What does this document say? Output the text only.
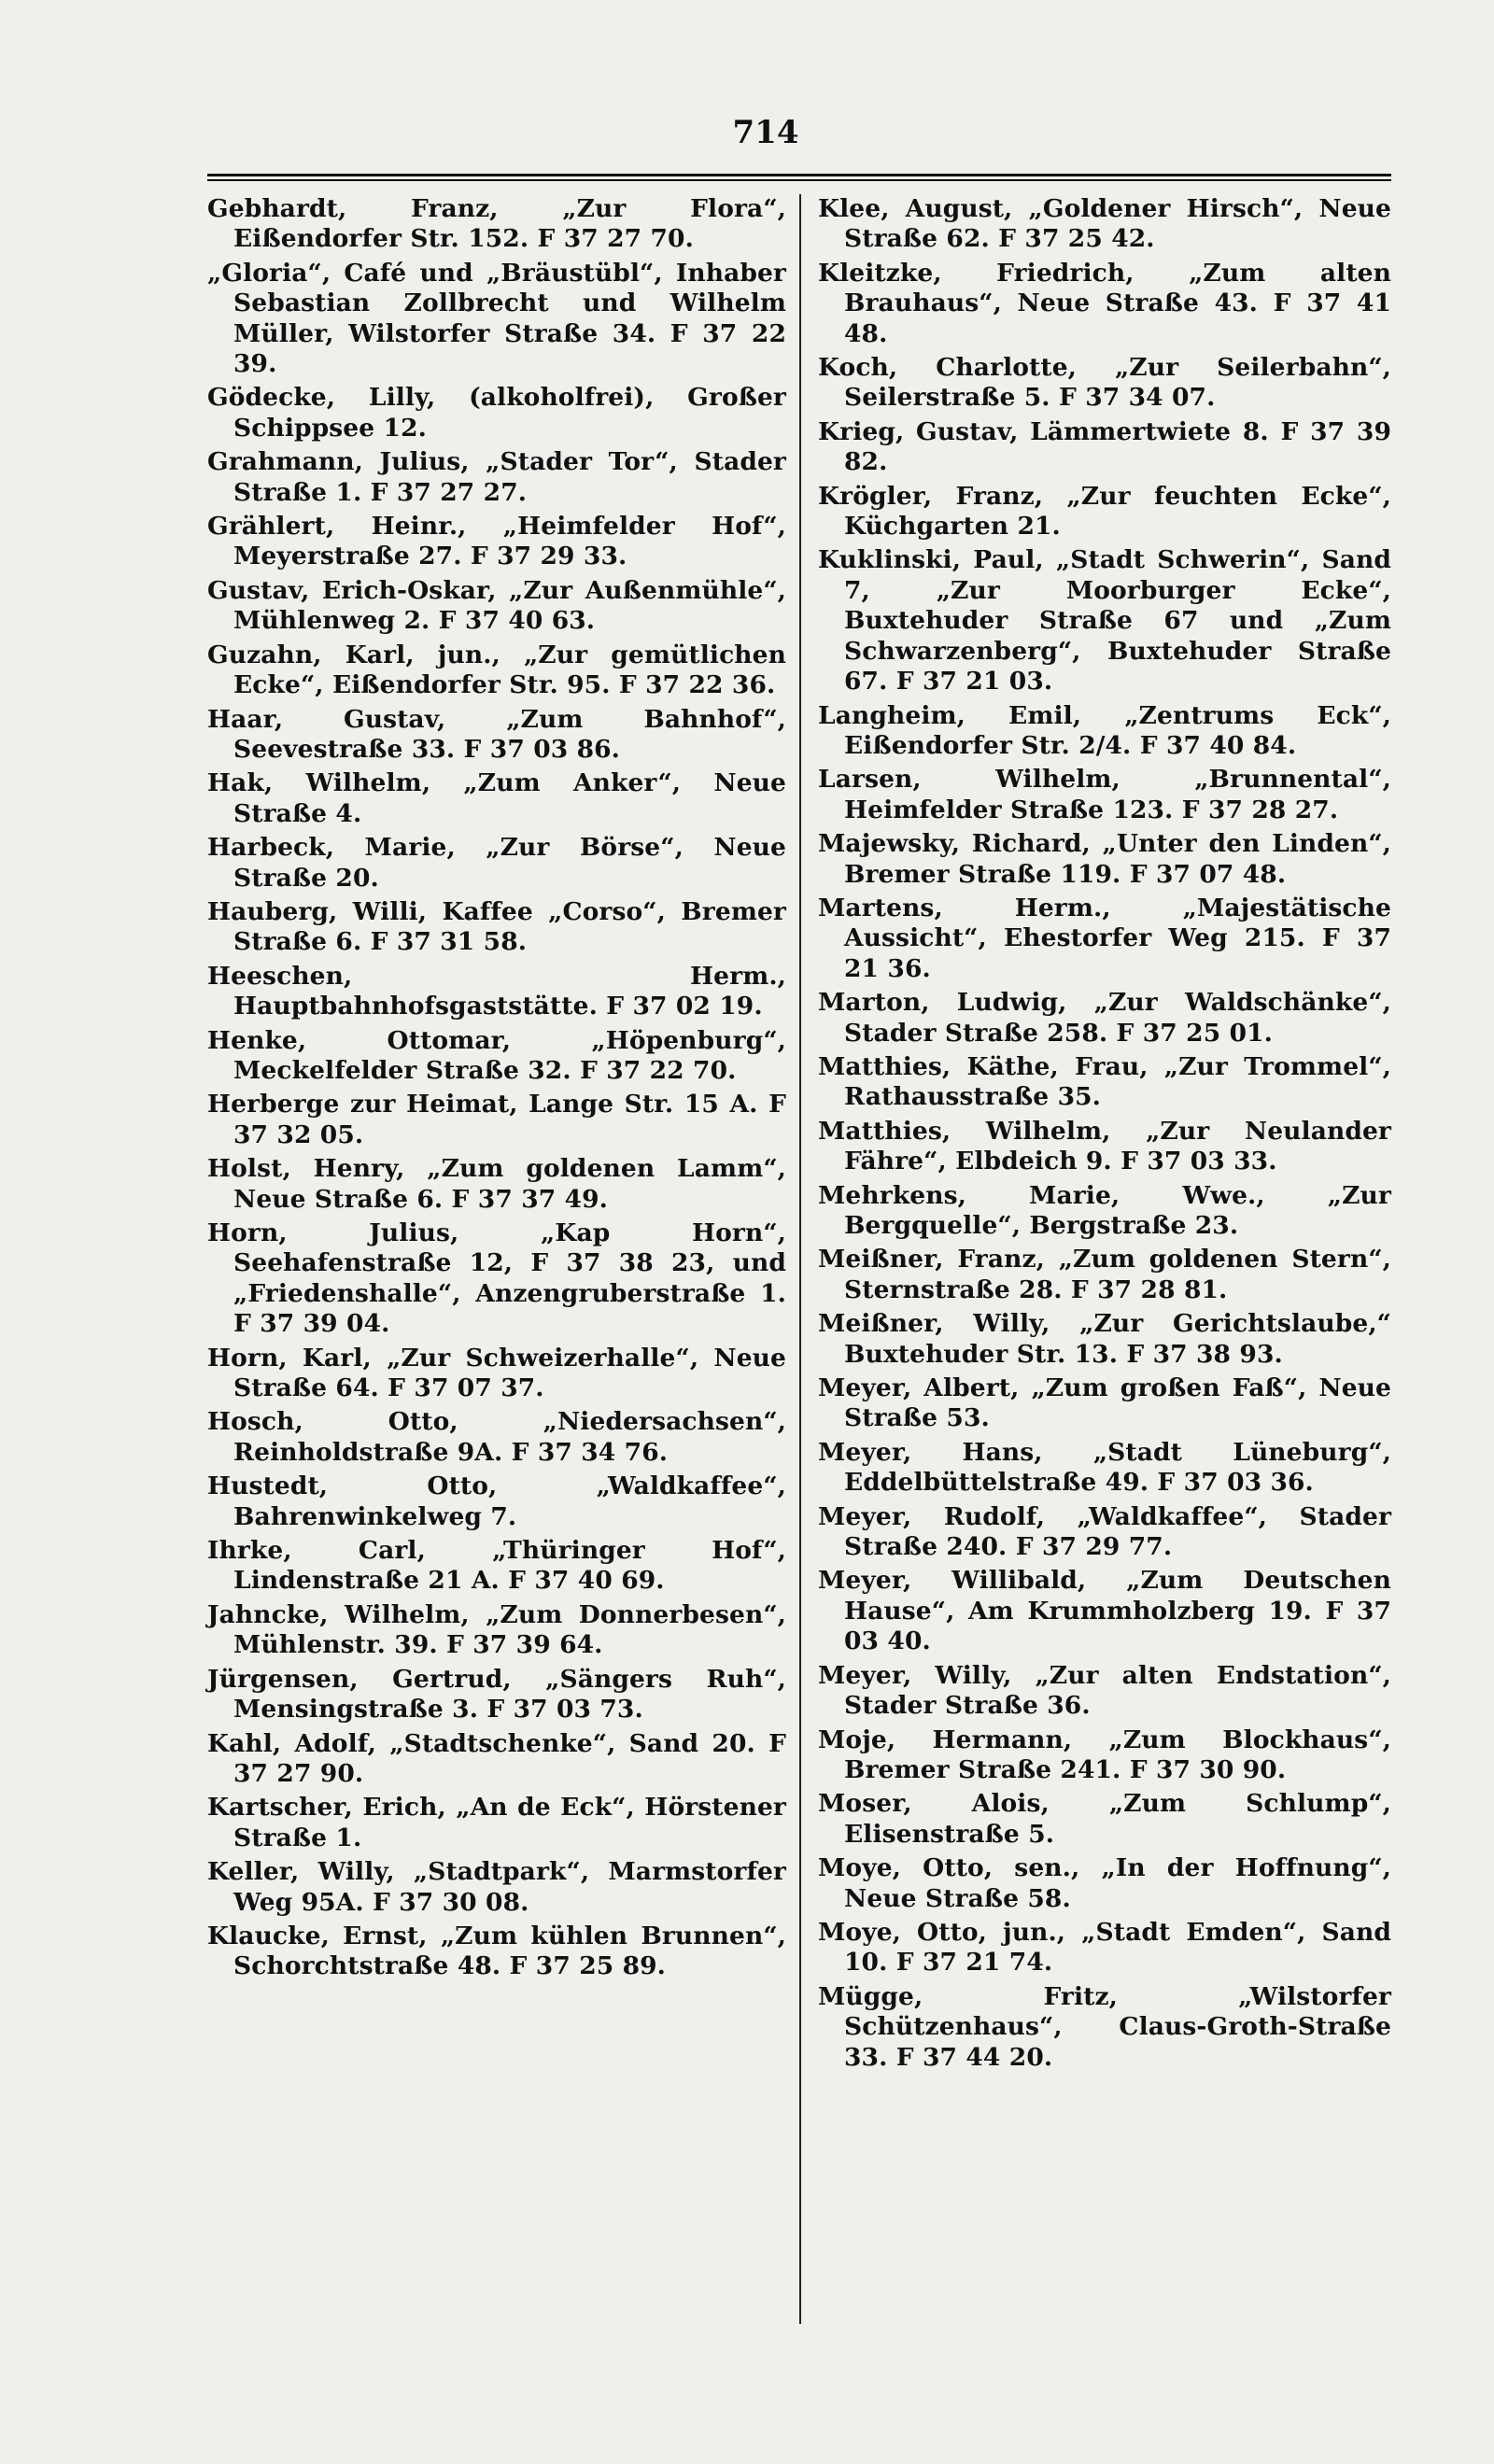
714

Gebhardt, Franz, „Zur Flora“, Eißendorfer Str. 152. F 37 27 70.

„Gloria“, Café und „Bräustübl“, Inhaber Sebastian Zollbrecht und Wilhelm Müller, Wilstorfer Straße 34. F 37 22 39.

Gödecke, Lilly, (alkoholfrei), Großer Schippsee 12.

Grahmann, Julius, „Stader Tor“, Stader Straße 1. F 37 27 27.

Grählert, Heinr., „Heimfelder Hof“, Meyerstraße 27. F 37 29 33.

Gustav, Erich-Oskar, „Zur Außenmühle“, Mühlenweg 2. F 37 40 63.

Guzahn, Karl, jun., „Zur gemütlichen Ecke“, Eißendorfer Str. 95. F 37 22 36.

Haar, Gustav, „Zum Bahnhof“, Seevestraße 33. F 37 03 86.

Hak, Wilhelm, „Zum Anker“, Neue Straße 4.

Harbeck, Marie, „Zur Börse“, Neue Straße 20.

Hauberg, Willi, Kaffee „Corso“, Bremer Straße 6. F 37 31 58.

Heeschen, Herm., Hauptbahnhofsgaststätte. F 37 02 19.

Henke, Ottomar, „Höpenburg“, Meckelfelder Straße 32. F 37 22 70.

Herberge zur Heimat, Lange Str. 15 A. F 37 32 05.

Holst, Henry, „Zum goldenen Lamm“, Neue Straße 6. F 37 37 49.

Horn, Julius, „Kap Horn“, Seehafenstraße 12, F 37 38 23, und „Friedenshalle“, Anzengruberstraße 1. F 37 39 04.

Horn, Karl, „Zur Schweizerhalle“, Neue Straße 64. F 37 07 37.

Hosch, Otto, „Niedersachsen“, Reinholdstraße 9A. F 37 34 76.

Hustedt, Otto, „Waldkaffee“, Bahrenwinkelweg 7.

Ihrke, Carl, „Thüringer Hof“, Lindenstraße 21 A. F 37 40 69.

Jahncke, Wilhelm, „Zum Donnerbesen“, Mühlenstr. 39. F 37 39 64.

Jürgensen, Gertrud, „Sängers Ruh“, Mensingstraße 3. F 37 03 73.

Kahl, Adolf, „Stadtschenke“, Sand 20. F 37 27 90.

Kartscher, Erich, „An de Eck“, Hörstener Straße 1.

Keller, Willy, „Stadtpark“, Marmstorfer Weg 95A. F 37 30 08.

Klaucke, Ernst, „Zum kühlen Brunnen“, Schorchtstraße 48. F 37 25 89.

Klee, August, „Goldener Hirsch“, Neue Straße 62. F 37 25 42.

Kleitzke, Friedrich, „Zum alten Brauhaus“, Neue Straße 43. F 37 41 48.

Koch, Charlotte, „Zur Seilerbahn“, Seilerstraße 5. F 37 34 07.

Krieg, Gustav, Lämmertwiete 8. F 37 39 82.

Krögler, Franz, „Zur feuchten Ecke“, Küchgarten 21.

Kuklinski, Paul, „Stadt Schwerin“, Sand 7, „Zur Moorburger Ecke“, Buxtehuder Straße 67 und „Zum Schwarzenberg“, Buxtehuder Straße 67. F 37 21 03.

Langheim, Emil, „Zentrums Eck“, Eißendorfer Str. 2/4. F 37 40 84.

Larsen, Wilhelm, „Brunnental“, Heimfelder Straße 123. F 37 28 27.

Majewsky, Richard, „Unter den Linden“, Bremer Straße 119. F 37 07 48.

Martens, Herm., „Majestätische Aussicht“, Ehestorfer Weg 215. F 37 21 36.

Marton, Ludwig, „Zur Waldschänke“, Stader Straße 258. F 37 25 01.

Matthies, Käthe, Frau, „Zur Trommel“, Rathausstraße 35.

Matthies, Wilhelm, „Zur Neulander Fähre“, Elbdeich 9. F 37 03 33.

Mehrkens, Marie, Wwe., „Zur Bergquelle“, Bergstraße 23.

Meißner, Franz, „Zum goldenen Stern“, Sternstraße 28. F 37 28 81.

Meißner, Willy, „Zur Gerichtslaube,“ Buxtehuder Str. 13. F 37 38 93.

Meyer, Albert, „Zum großen Faß“, Neue Straße 53.

Meyer, Hans, „Stadt Lüneburg“, Eddelbüttelstraße 49. F 37 03 36.

Meyer, Rudolf, „Waldkaffee“, Stader Straße 240. F 37 29 77.

Meyer, Willibald, „Zum Deutschen Hause“, Am Krummholzberg 19. F 37 03 40.

Meyer, Willy, „Zur alten Endstation“, Stader Straße 36.

Moje, Hermann, „Zum Blockhaus“, Bremer Straße 241. F 37 30 90.

Moser, Alois, „Zum Schlump“, Elisenstraße 5.

Moye, Otto, sen., „In der Hoffnung“, Neue Straße 58.

Moye, Otto, jun., „Stadt Emden“, Sand 10. F 37 21 74.

Mügge, Fritz, „Wilstorfer Schützenhaus“, Claus-Groth-Straße 33. F 37 44 20.
